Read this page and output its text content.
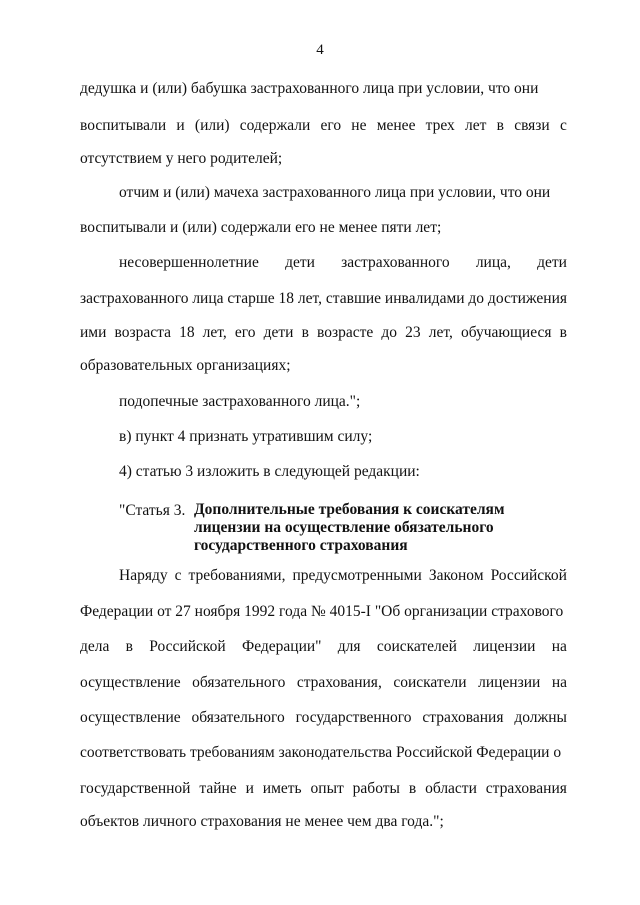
4
дедушка и (или) бабушка застрахованного лица при условии, что они
воспитывали и (или) содержали его не менее трех лет в связи с
отсутствием у него родителей;
отчим и (или) мачеха застрахованного лица при условии, что они
воспитывали и (или) содержали его не менее пяти лет;
несовершеннолетние дети застрахованного лица, дети
застрахованного лица старше 18 лет, ставшие инвалидами до достижения
ими возраста 18 лет, его дети в возрасте до 23 лет, обучающиеся в
образовательных организациях;
подопечные застрахованного лица.";
в) пункт 4 признать утратившим силу;
4) статью 3 изложить в следующей редакции:
"Статья 3. Дополнительные требования к соискателям
лицензии на осуществление обязательного
государственного страхования
Наряду с требованиями, предусмотренными Законом Российской
Федерации от 27 ноября 1992 года № 4015-I "Об организации страхового
дела в Российской Федерации" для соискателей лицензии на
осуществление обязательного страхования, соискатели лицензии на
осуществление обязательного государственного страхования должны
соответствовать требованиям законодательства Российской Федерации о
государственной тайне и иметь опыт работы в области страхования
объектов личного страхования не менее чем два года.";
